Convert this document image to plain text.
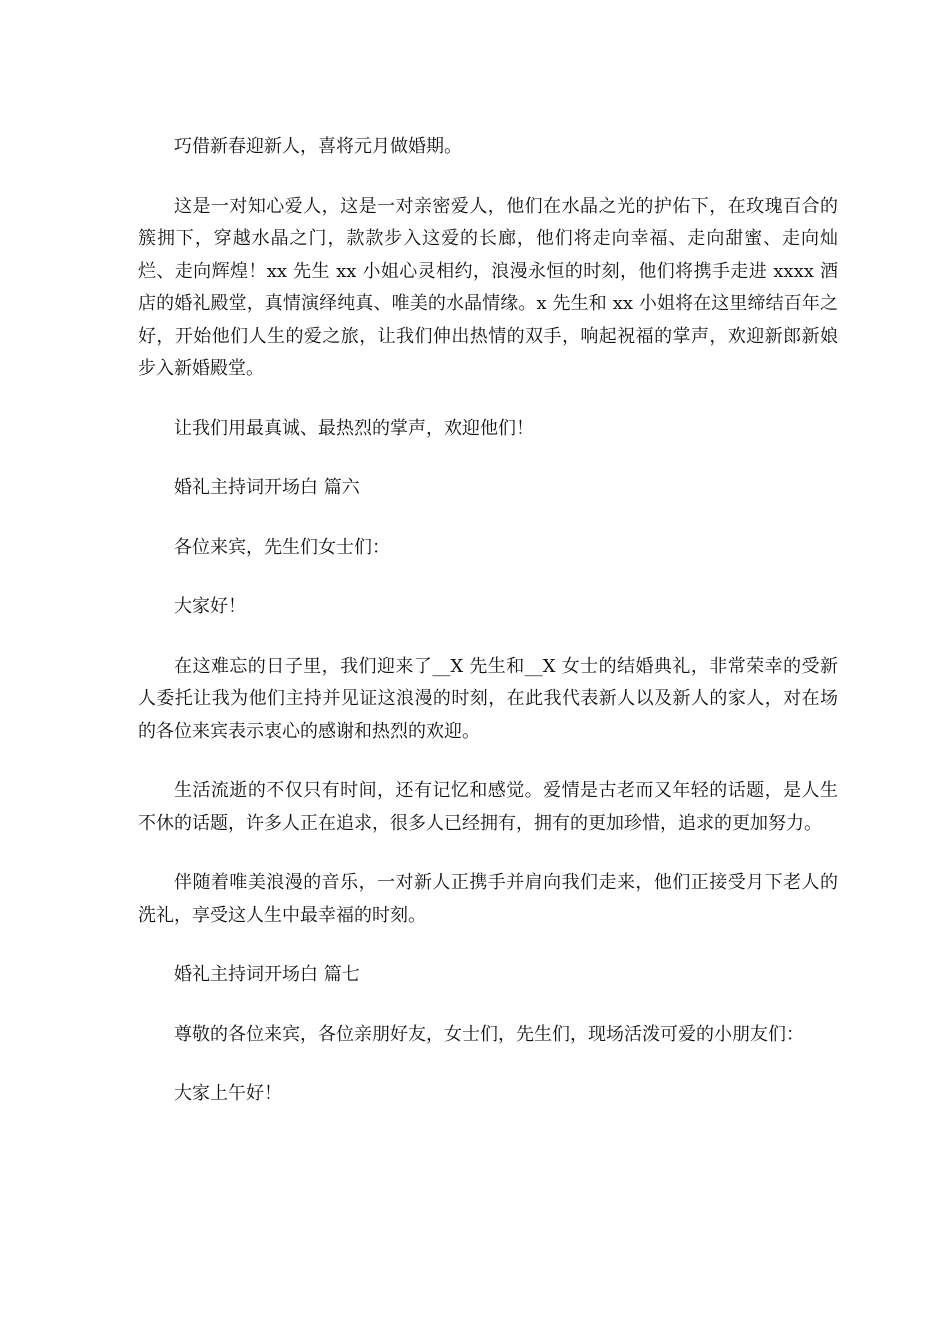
巧借新春迎新人，喜将元月做婚期。

这是一对知心爱人，这是一对亲密爱人，他们在水晶之光的护佑下，在玫瑰百合的簇拥下，穿越水晶之门，款款步入这爱的长廊，他们将走向幸福、走向甜蜜、走向灿烂、走向辉煌！xx 先生 xx 小姐心灵相约，浪漫永恒的时刻，他们将携手走进 xxxx 酒店的婚礼殿堂，真情演绎纯真、唯美的水晶情缘。x 先生和 xx 小姐将在这里缔结百年之好，开始他们人生的爱之旅，让我们伸出热情的双手，响起祝福的掌声，欢迎新郎新娘步入新婚殿堂。

让我们用最真诚、最热烈的掌声，欢迎他们！

婚礼主持词开场白 篇六

各位来宾，先生们女士们：

大家好！

在这难忘的日子里，我们迎来了__X 先生和__X 女士的结婚典礼，非常荣幸的受新人委托让我为他们主持并见证这浪漫的时刻，在此我代表新人以及新人的家人，对在场的各位来宾表示衷心的感谢和热烈的欢迎。

生活流逝的不仅只有时间，还有记忆和感觉。爱情是古老而又年轻的话题，是人生不休的话题，许多人正在追求，很多人已经拥有，拥有的更加珍惜，追求的更加努力。

伴随着唯美浪漫的音乐，一对新人正携手并肩向我们走来，他们正接受月下老人的洗礼，享受这人生中最幸福的时刻。

婚礼主持词开场白 篇七

尊敬的各位来宾，各位亲朋好友，女士们，先生们，现场活泼可爱的小朋友们：

大家上午好！
